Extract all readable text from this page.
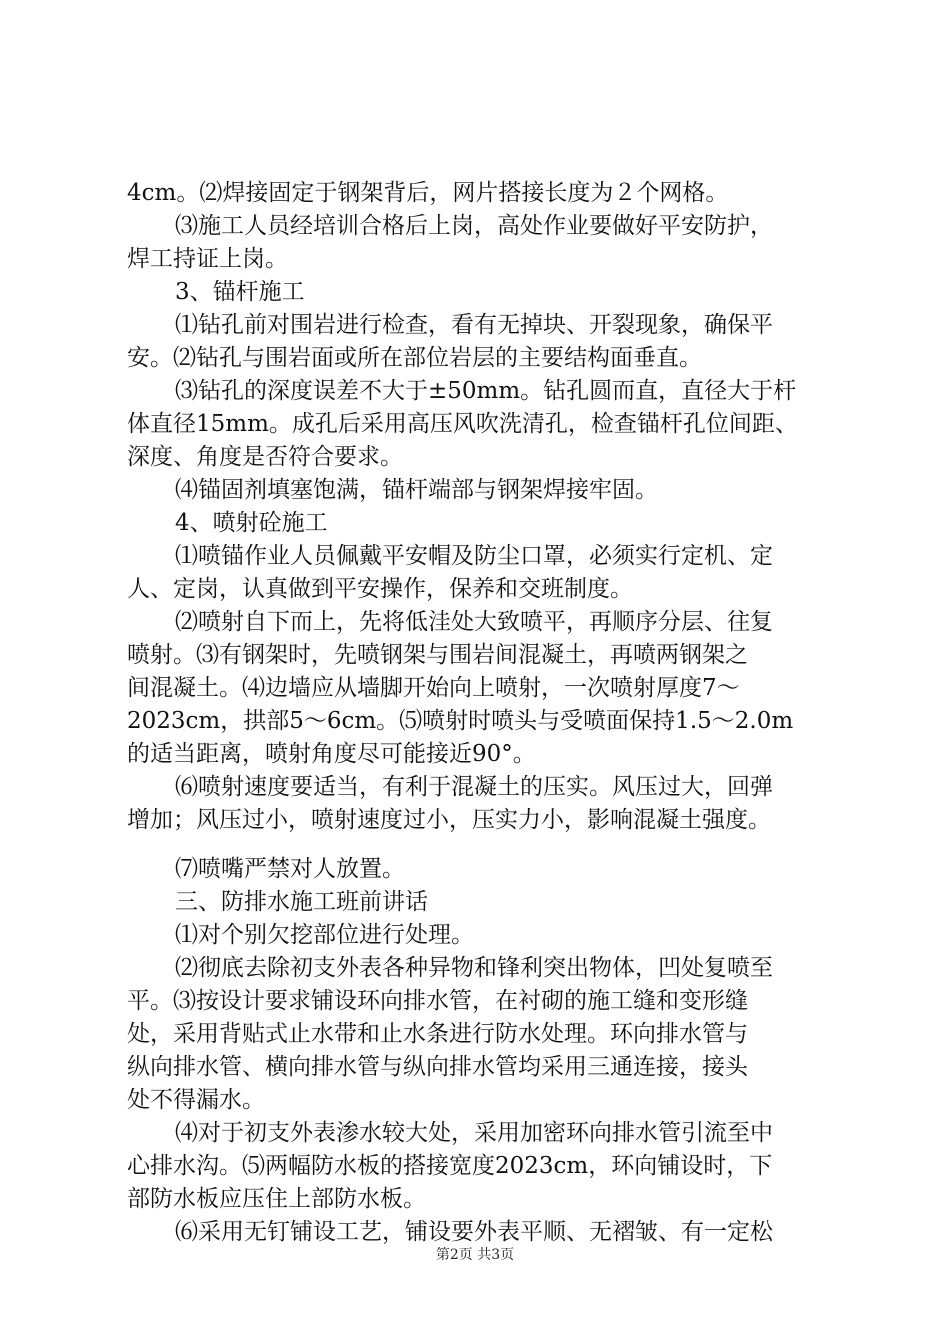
4cm。⑵焊接固定于钢架背后，网片搭接长度为２个网格。
⑶施工人员经培训合格后上岗，高处作业要做好平安防护，
焊工持证上岗。
3、锚杆施工
⑴钻孔前对围岩进行检查，看有无掉块、开裂现象，确保平
安。⑵钻孔与围岩面或所在部位岩层的主要结构面垂直。
⑶钻孔的深度误差不大于±50mm。钻孔圆而直，直径大于杆
体直径15mm。成孔后采用高压风吹洗清孔，检查锚杆孔位间距、
深度、角度是否符合要求。
⑷锚固剂填塞饱满，锚杆端部与钢架焊接牢固。
4、喷射砼施工
⑴喷锚作业人员佩戴平安帽及防尘口罩，必须实行定机、定
人、定岗，认真做到平安操作，保养和交班制度。
⑵喷射自下而上，先将低洼处大致喷平，再顺序分层、往复
喷射。⑶有钢架时，先喷钢架与围岩间混凝土，再喷两钢架之
间混凝土。⑷边墙应从墙脚开始向上喷射，一次喷射厚度7～
2023cm，拱部5～6cm。⑸喷射时喷头与受喷面保持1.5～2.0m
的适当距离，喷射角度尽可能接近90°。
⑹喷射速度要适当，有利于混凝土的压实。风压过大，回弹
增加；风压过小，喷射速度过小，压实力小，影响混凝土强度。
⑺喷嘴严禁对人放置。
三、防排水施工班前讲话
⑴对个别欠挖部位进行处理。
⑵彻底去除初支外表各种异物和锋利突出物体，凹处复喷至
平。⑶按设计要求铺设环向排水管，在衬砌的施工缝和变形缝
处，采用背贴式止水带和止水条进行防水处理。环向排水管与
纵向排水管、横向排水管与纵向排水管均采用三通连接，接头
处不得漏水。
⑷对于初支外表渗水较大处，采用加密环向排水管引流至中
心排水沟。⑸两幅防水板的搭接宽度2023cm，环向铺设时，下
部防水板应压住上部防水板。
⑹采用无钉铺设工艺，铺设要外表平顺、无褶皱、有一定松
第2页 共3页
